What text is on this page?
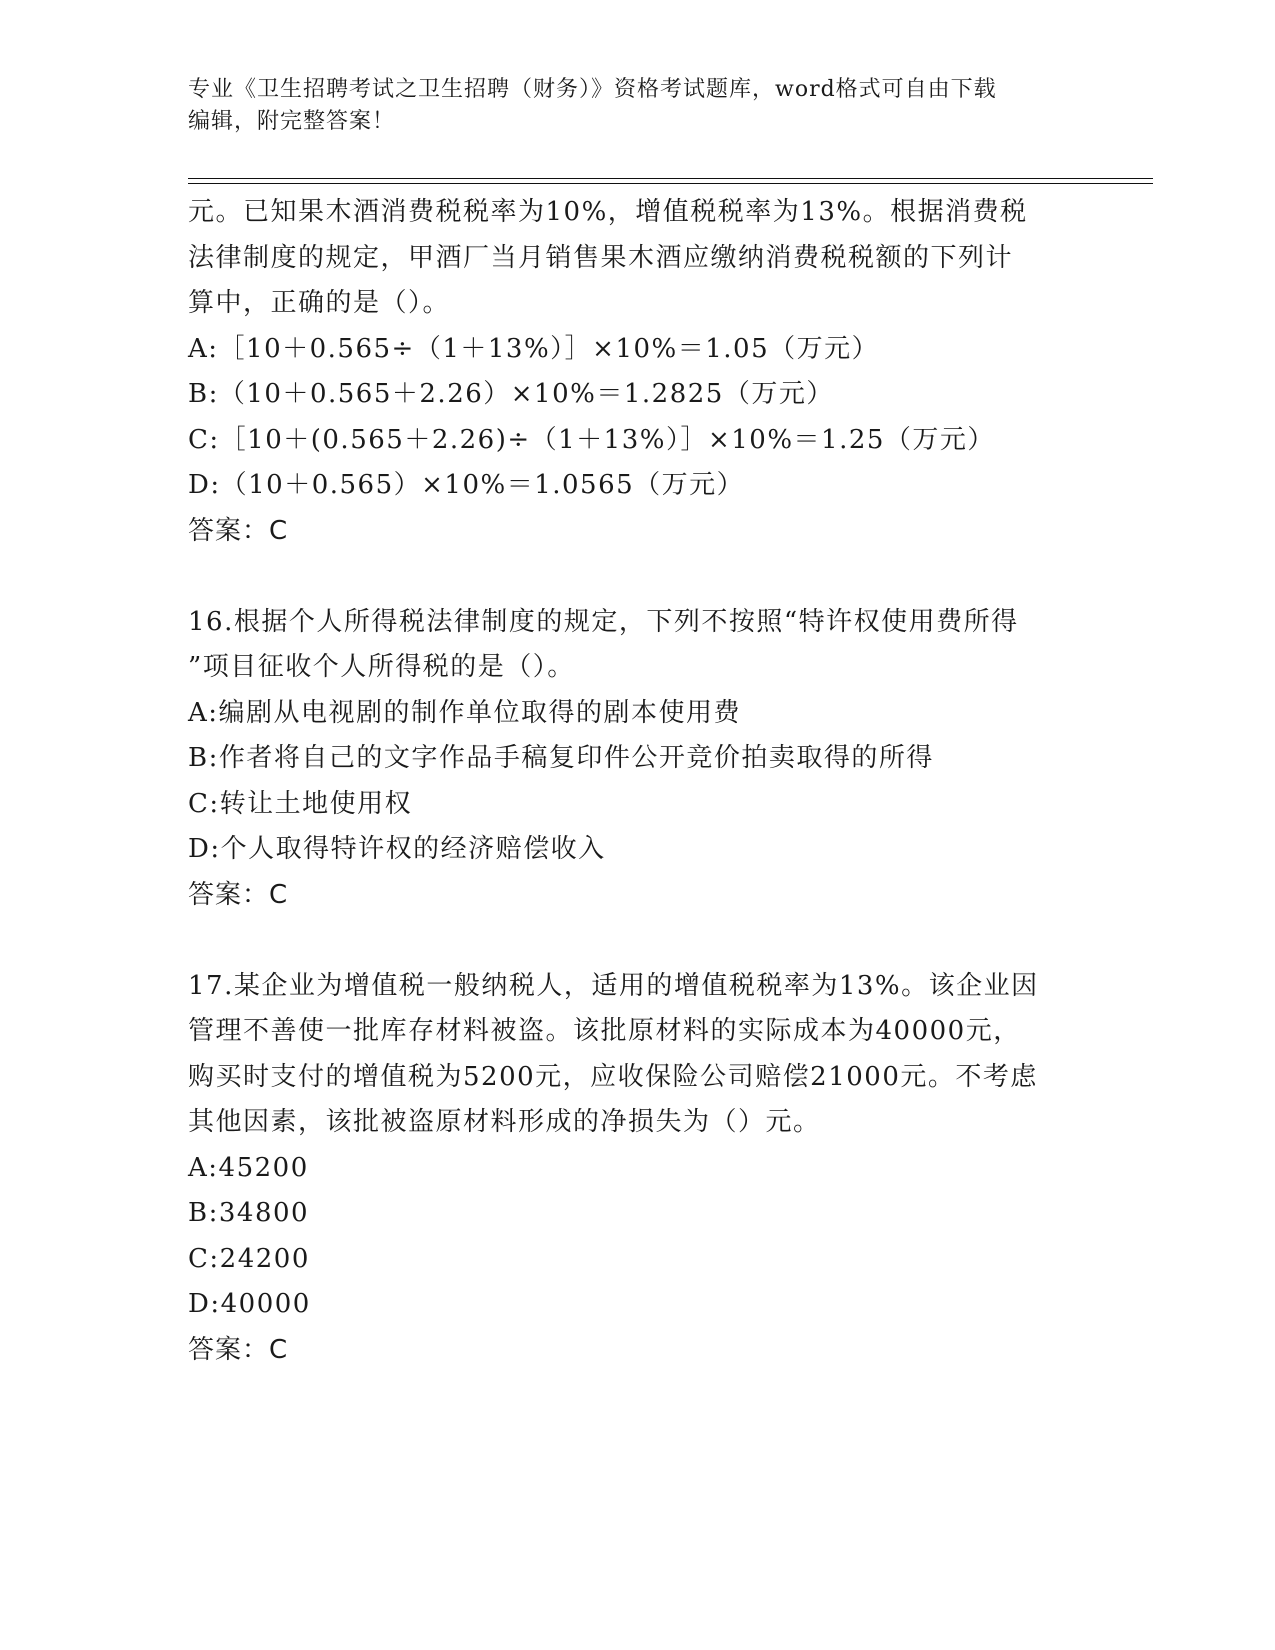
专业《卫生招聘考试之卫生招聘（财务）》资格考试题库，word格式可自由下载
编辑，附完整答案！
元。已知果木酒消费税税率为10%，增值税税率为13%。根据消费税
法律制度的规定，甲酒厂当月销售果木酒应缴纳消费税税额的下列计
算中，正确的是（）。
A:［10＋0.565÷（1＋13%）］×10%＝1.05（万元）
B:（10＋0.565＋2.26）×10%＝1.2825（万元）
C:［10＋(0.565＋2.26)÷（1＋13%）］×10%＝1.25（万元）
D:（10＋0.565）×10%＝1.0565（万元）
答案：C
16.根据个人所得税法律制度的规定，下列不按照“特许权使用费所得
”项目征收个人所得税的是（）。
A:编剧从电视剧的制作单位取得的剧本使用费
B:作者将自己的文字作品手稿复印件公开竞价拍卖取得的所得
C:转让土地使用权
D:个人取得特许权的经济赔偿收入
答案：C
17.某企业为增值税一般纳税人，适用的增值税税率为13%。该企业因
管理不善使一批库存材料被盗。该批原材料的实际成本为40000元，
购买时支付的增值税为5200元，应收保险公司赔偿21000元。不考虑
其他因素，该批被盗原材料形成的净损失为（）元。
A:45200
B:34800
C:24200
D:40000
答案：C
